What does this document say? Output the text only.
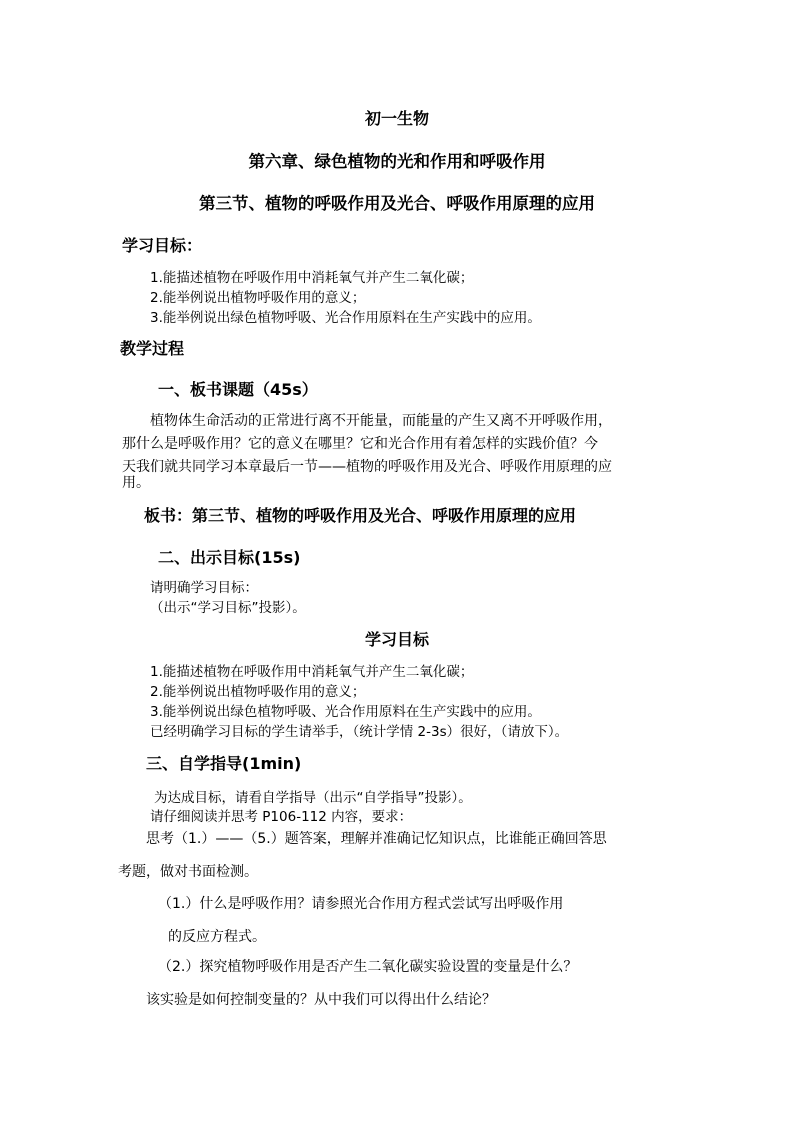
初一生物
第六章、绿色植物的光和作用和呼吸作用
第三节、植物的呼吸作用及光合、呼吸作用原理的应用
学习目标：
1.能描述植物在呼吸作用中消耗氧气并产生二氧化碳；
2.能举例说出植物呼吸作用的意义；
3.能举例说出绿色植物呼吸、光合作用原料在生产实践中的应用。
教学过程
一、板书课题（45s）
植物体生命活动的正常进行离不开能量，而能量的产生又离不开呼吸作用，
那什么是呼吸作用？它的意义在哪里？它和光合作用有着怎样的实践价值？今
天我们就共同学习本章最后一节——植物的呼吸作用及光合、呼吸作用原理的应
用。
板书：第三节、植物的呼吸作用及光合、呼吸作用原理的应用
二、出示目标(15s)
请明确学习目标：
（出示“学习目标”投影）。
学习目标
1.能描述植物在呼吸作用中消耗氧气并产生二氧化碳；
2.能举例说出植物呼吸作用的意义；
3.能举例说出绿色植物呼吸、光合作用原料在生产实践中的应用。
已经明确学习目标的学生请举手，（统计学情 2-3s）很好，（请放下）。
三、自学指导(1min)
为达成目标，请看自学指导（出示“自学指导”投影）。
请仔细阅读并思考 P106-112 内容，要求：
思考（1.）——（5.）题答案，理解并准确记忆知识点，比谁能正确回答思
考题，做对书面检测。
（1.）什么是呼吸作用？请参照光合作用方程式尝试写出呼吸作用
的反应方程式。
（2.）探究植物呼吸作用是否产生二氧化碳实验设置的变量是什么？
该实验是如何控制变量的？从中我们可以得出什么结论？
